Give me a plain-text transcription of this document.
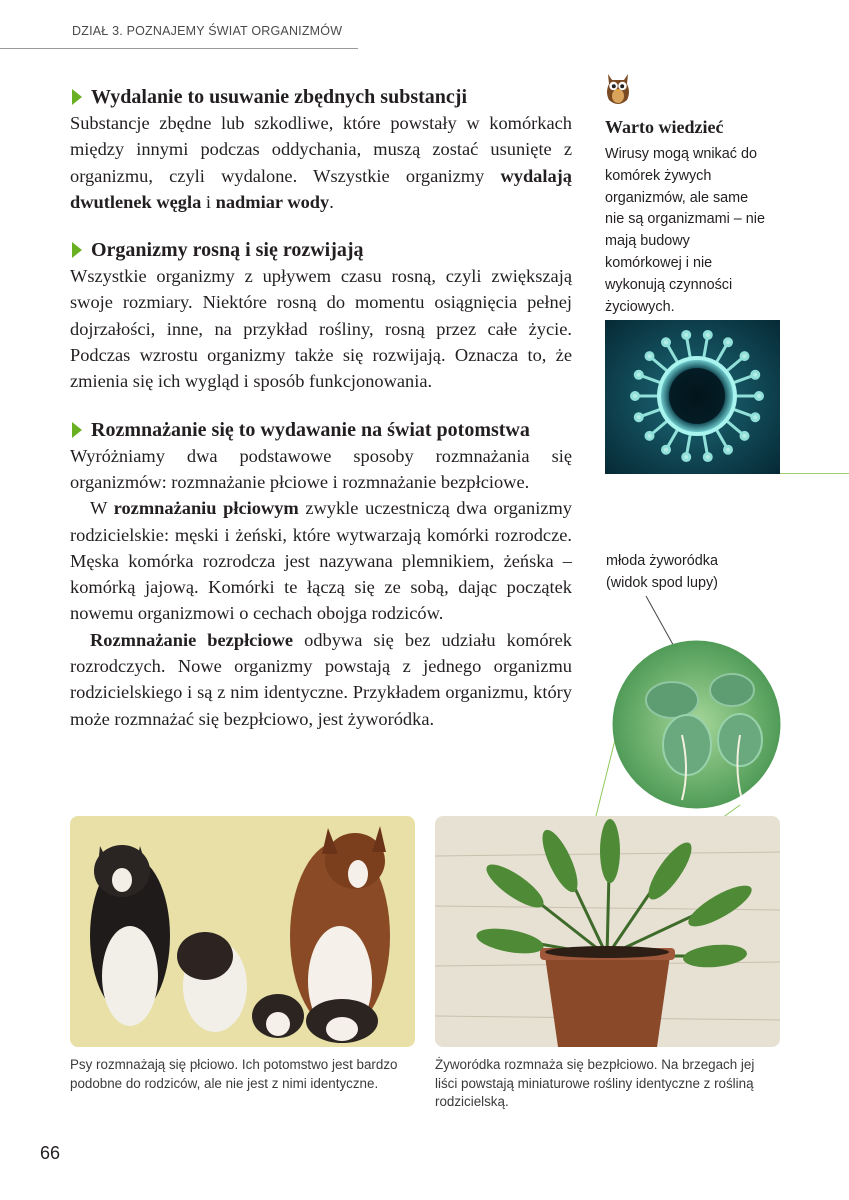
DZIAŁ 3. POZNAJEMY ŚWIAT ORGANIZMÓW
Wydalanie to usuwanie zbędnych substancji

Substancje zbędne lub szkodliwe, które powstały w komórkach między innymi podczas oddychania, muszą zostać usunięte z organizmu, czyli wydalone. Wszystkie organizmy wydalają dwutlenek węgla i nadmiar wody.

Organizmy rosną i się rozwijają

Wszystkie organizmy z upływem czasu rosną, czyli zwiększają swoje rozmiary. Niektóre rosną do momentu osiągnięcia pełnej dojrzałości, inne, na przykład rośliny, rosną przez całe życie. Podczas wzrostu organizmy także się rozwijają. Oznacza to, że zmienia się ich wygląd i sposób funkcjonowania.

Rozmnażanie się to wydawanie na świat potomstwa

Wyróżniamy dwa podstawowe sposoby rozmnażania się organizmów: rozmnażanie płciowe i rozmnażanie bezpłciowe.

W rozmnażaniu płciowym zwykle uczestniczą dwa organizmy rodzicielskie: męski i żeński, które wytwarzają komórki rozrodcze. Męska komórka rozrodcza jest nazywana plemnikiem, żeńska – komórką jajową. Komórki te łączą się ze sobą, dając początek nowemu organizmowi o cechach obojga rodziców.

Rozmnażanie bezpłciowe odbywa się bez udziału komórek rozrodczych. Nowe organizmy powstają z jednego organizmu rodzicielskiego i są z nim identyczne. Przykładem organizmu, który może rozmnażać się bezpłciowo, jest żyworódka.

Warto wiedzieć
Wirusy mogą wnikać do komórek żywych organizmów, ale same nie są organizmami – nie mają budowy komórkowej i nie wykonują czynności życiowych.
młoda żyworódka
(widok spod lupy)
Psy rozmnażają się płciowo. Ich potomstwo jest bardzo podobne do rodziców, ale nie jest z nimi identyczne.
Żyworódka rozmnaża się bezpłciowo. Na brzegach jej liści powstają miniaturowe rośliny identyczne z rośliną rodzicielską.
66
